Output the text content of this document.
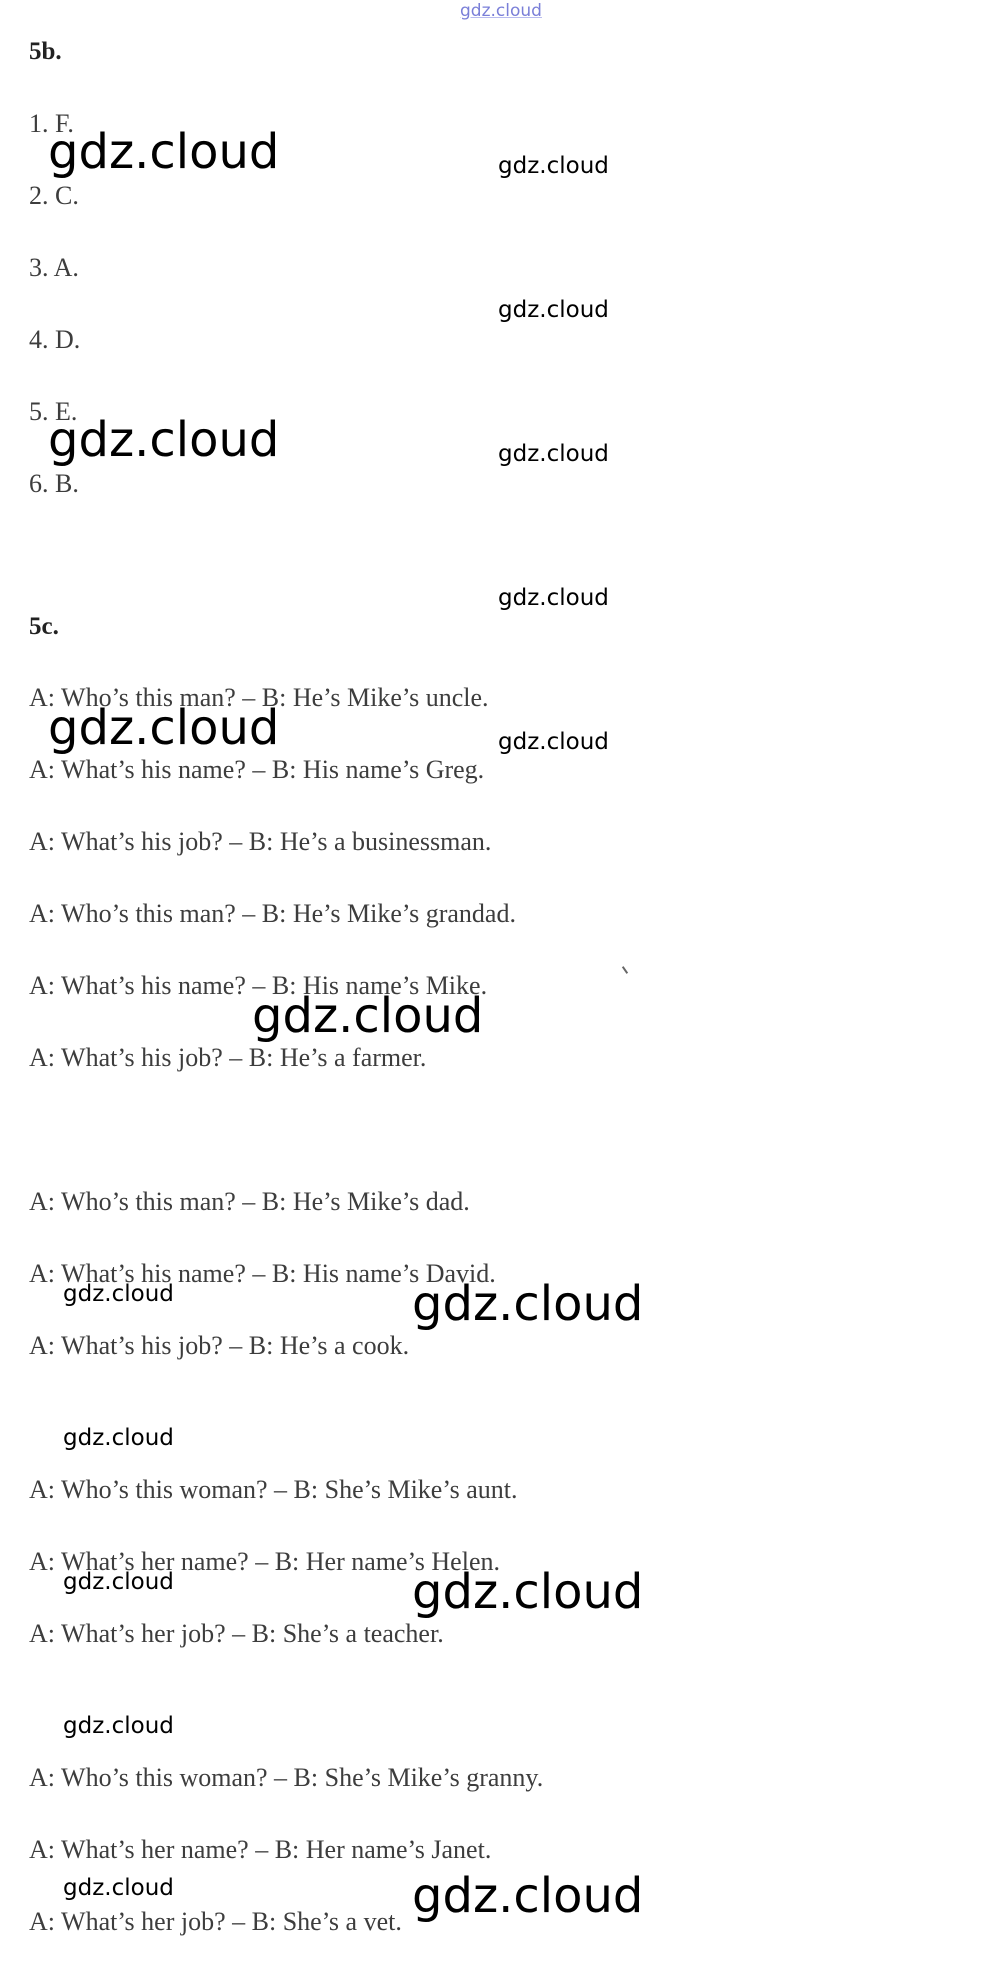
gdz.cloud
5b.
1. F.
2. C.
3. A.
4. D.
5. E.
6. B.
5c.
A: Who’s this man? – B: He’s Mike’s uncle.
A: What’s his name? – B: His name’s Greg.
A: What’s his job? – B: He’s a businessman.
A: Who’s this man? – B: He’s Mike’s grandad.
A: What’s his name? – B: His name’s Mike.
A: What’s his job? – B: He’s a farmer.
A: Who’s this man? – B: He’s Mike’s dad.
A: What’s his name? – B: His name’s David.
A: What’s his job? – B: He’s a cook.
A: Who’s this woman? – B: She’s Mike’s aunt.
A: What’s her name? – B: Her name’s Helen.
A: What’s her job? – B: She’s a teacher.
A: Who’s this woman? – B: She’s Mike’s granny.
A: What’s her name? – B: Her name’s Janet.
A: What’s her job? – B: She’s a vet.
gdz.cloud
gdz.cloud
gdz.cloud
gdz.cloud
gdz.cloud
gdz.cloud
gdz.cloud
gdz.cloud
gdz.cloud
gdz.cloud
gdz.cloud
gdz.cloud
gdz.cloud
gdz.cloud
gdz.cloud
gdz.cloud
gdz.cloud
